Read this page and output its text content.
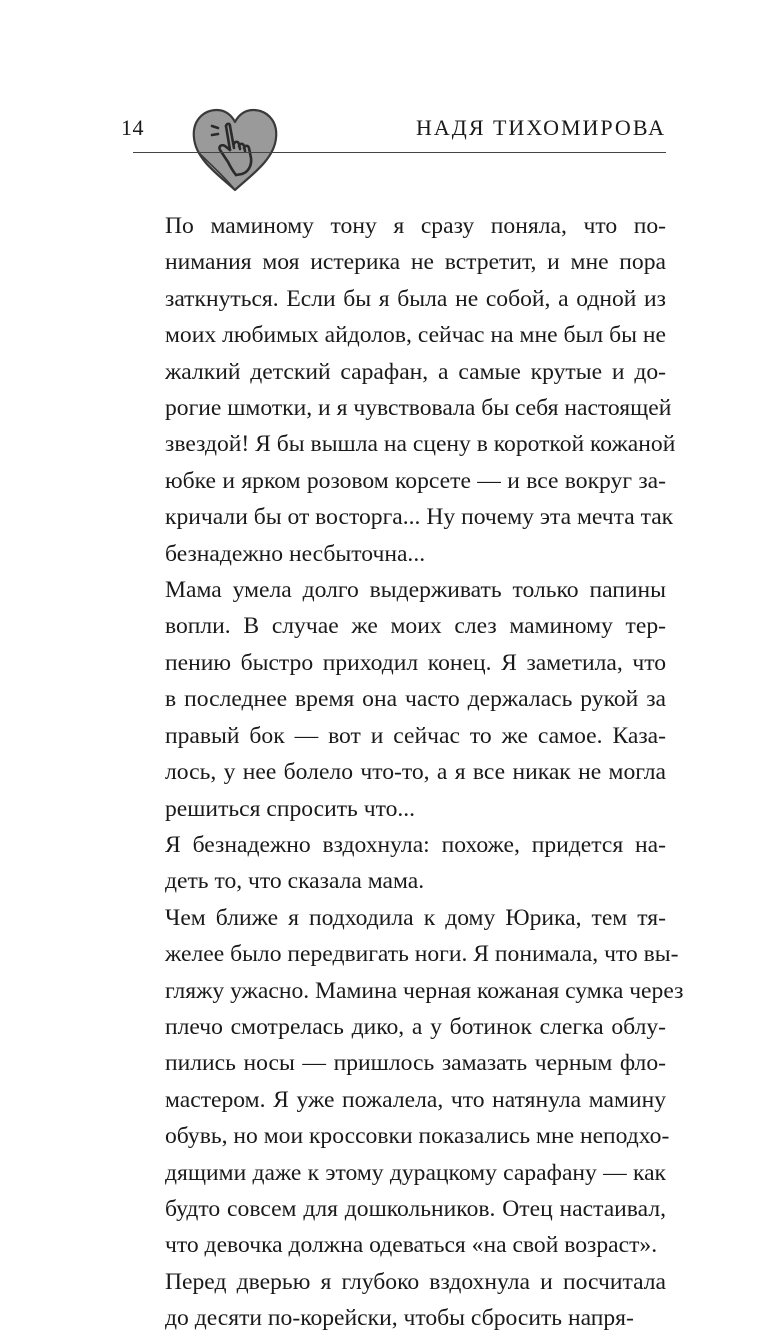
14	НАДЯ ТИХОМИРОВА

По маминому тону я сразу поняла, что по-
нимания моя истерика не встретит, и мне пора
заткнуться. Если бы я была не собой, а одной из
моих любимых айдолов, сейчас на мне был бы не
жалкий детский сарафан, а самые крутые и до-
рогие шмотки, и я чувствовала бы себя настоящей
звездой! Я бы вышла на сцену в короткой кожаной
юбке и ярком розовом корсете — и все вокруг за-
кричали бы от восторга... Ну почему эта мечта так
безнадежно несбыточна...

Мама умела долго выдерживать только папины
вопли. В случае же моих слез маминому тер-
пению быстро приходил конец. Я заметила, что
в последнее время она часто держалась рукой за
правый бок — вот и сейчас то же самое. Каза-
лось, у нее болело что-то, а я все никак не могла
решиться спросить что...

Я безнадежно вздохнула: похоже, придется на-
деть то, что сказала мама.

Чем ближе я подходила к дому Юрика, тем тя-
желее было передвигать ноги. Я понимала, что вы-
гляжу ужасно. Мамина черная кожаная сумка через
плечо смотрелась дико, а у ботинок слегка облу-
пились носы — пришлось замазать черным фло-
мастером. Я уже пожалела, что натянула мамину
обувь, но мои кроссовки показались мне неподхо-
дящими даже к этому дурацкому сарафану — как
будто совсем для дошкольников. Отец настаивал,
что девочка должна одеваться «на свой возраст».

Перед дверью я глубоко вздохнула и посчитала
до десяти по-корейски, чтобы сбросить напря-
